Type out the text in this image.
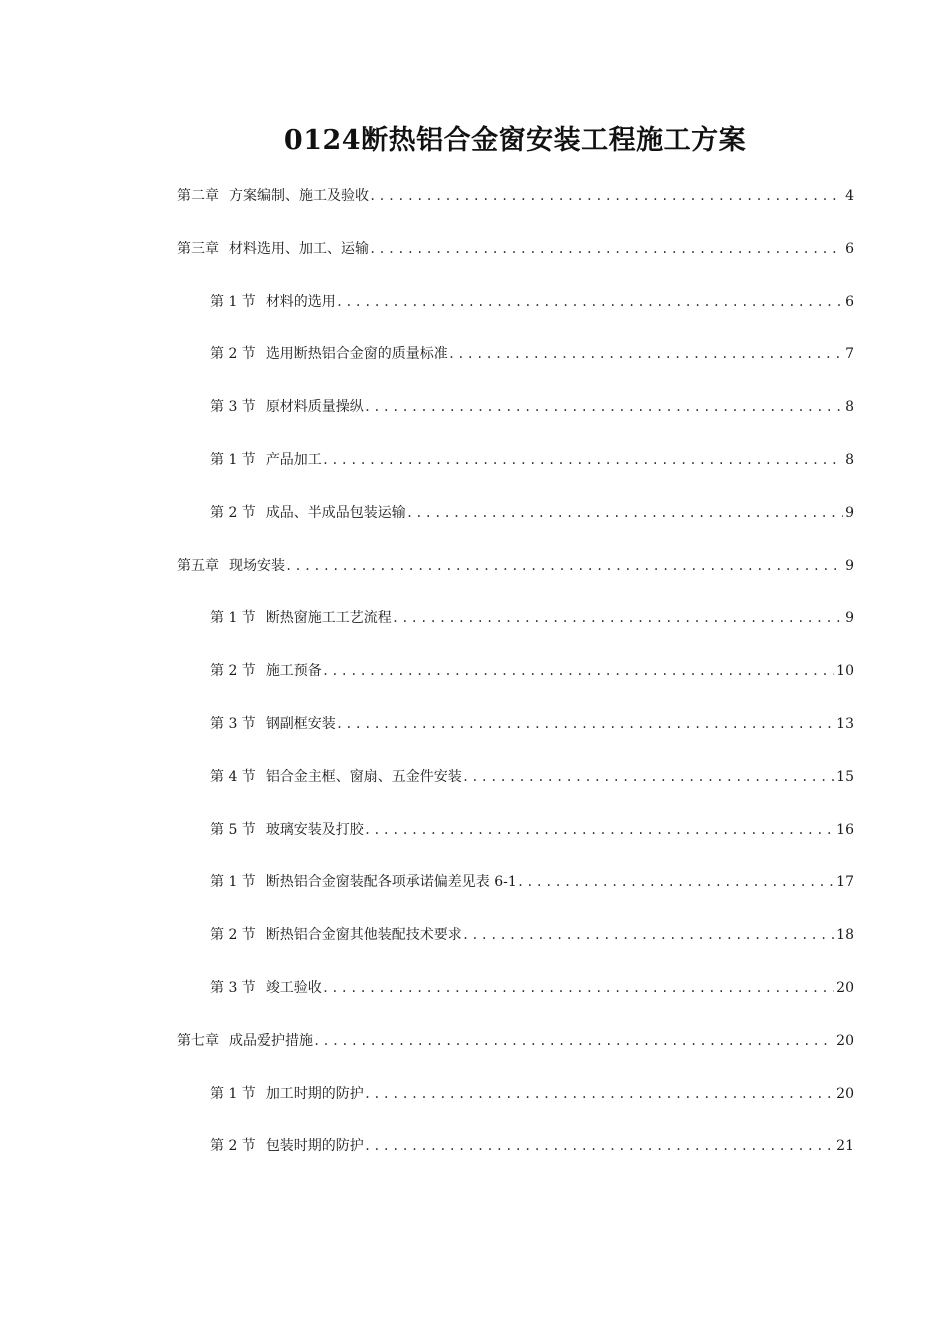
0124断热铝合金窗安装工程施工方案
第二章 方案编制、施工及验收 .....	4
第三章 材料选用、加工、运输 .....	6
第 1 节 材料的选用 .....	6
第 2 节 选用断热铝合金窗的质量标准 .....	7
第 3 节 原材料质量操纵 .....	8
第 1 节 产品加工 .....	8
第 2 节 成品、半成品包装运输 .....	9
第五章 现场安装 .....	9
第 1 节 断热窗施工工艺流程 .....	9
第 2 节 施工预备 .....	10
第 3 节 钢副框安装 .....	13
第 4 节 铝合金主框、窗扇、五金件安装 .....	15
第 5 节 玻璃安装及打胶 .....	16
第 1 节 断热铝合金窗装配各项承诺偏差见表 6-1 .....	17
第 2 节 断热铝合金窗其他装配技术要求 .....	18
第 3 节 竣工验收 .....	20
第七章 成品爱护措施 .....	20
第 1 节 加工时期的防护 .....	20
第 2 节 包装时期的防护 .....	21
